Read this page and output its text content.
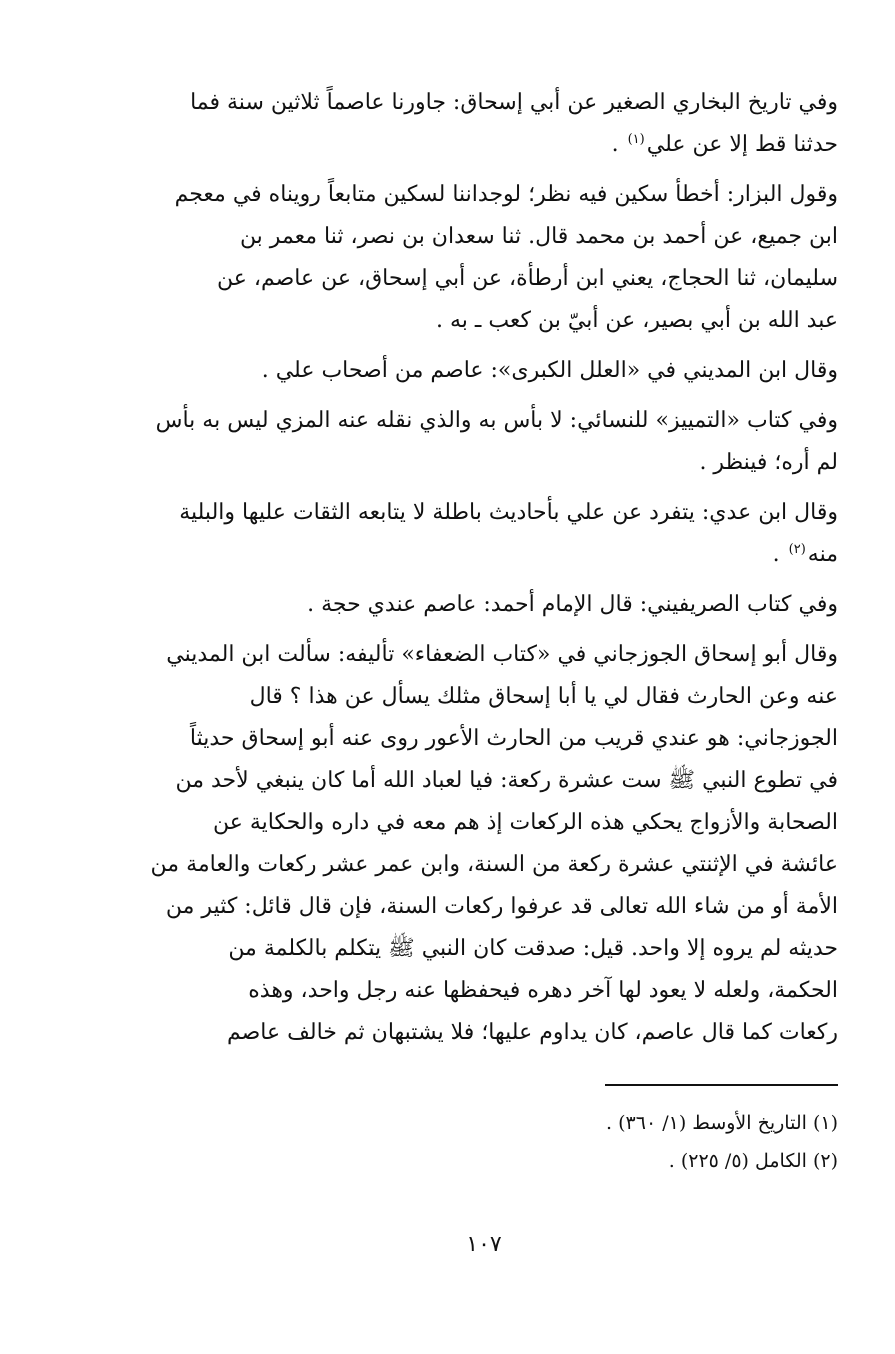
وفي تاريخ البخاري الصغير عن أبي إسحاق: جاورنا عاصماً ثلاثين سنة فما
حدثنا قط إلا عن علي$^{(١)}$ .

وقول البزار: أخطأ سكين فيه نظر؛ لوجداننا لسكين متابعاً رويناه في معجم
ابن جميع، عن أحمد بن محمد قال. ثنا سعدان بن نصر، ثنا معمر بن
سليمان، ثنا الحجاج، يعني ابن أرطأة، عن أبي إسحاق، عن عاصم، عن
عبد الله بن أبي بصير، عن أبيّ بن كعب ـ به .

وقال ابن المديني في «العلل الكبرى»: عاصم من أصحاب علي .

وفي كتاب «التمييز» للنسائي: لا بأس به والذي نقله عنه المزي ليس به بأس
لم أره؛ فينظر .

وقال ابن عدي: يتفرد عن علي بأحاديث باطلة لا يتابعه الثقات عليها والبلية
منه$^{(٢)}$ .

وفي كتاب الصريفيني: قال الإمام أحمد: عاصم عندي حجة .

وقال أبو إسحاق الجوزجاني في «كتاب الضعفاء» تأليفه: سألت ابن المديني
عنه وعن الحارث فقال لي يا أبا إسحاق مثلك يسأل عن هذا ؟ قال
الجوزجاني: هو عندي قريب من الحارث الأعور روى عنه أبو إسحاق حديثاً
في تطوع النبي ﷺ ست عشرة ركعة: فيا لعباد الله أما كان ينبغي لأحد من
الصحابة والأزواج يحكي هذه الركعات إذ هم معه في داره والحكاية عن
عائشة في الإثنتي عشرة ركعة من السنة، وابن عمر عشر ركعات والعامة من
الأمة أو من شاء الله تعالى قد عرفوا ركعات السنة، فإن قال قائل: كثير من
حديثه لم يروه إلا واحد. قيل: صدقت كان النبي ﷺ يتكلم بالكلمة من
الحكمة، ولعله لا يعود لها آخر دهره فيحفظها عنه رجل واحد، وهذه
ركعات كما قال عاصم، كان يداوم عليها؛ فلا يشتبهان ثم خالف عاصم

(١) التاريخ الأوسط (١/ ٣٦٠) .
(٢) الكامل (٥/ ٢٢٥) .
١٠٧
